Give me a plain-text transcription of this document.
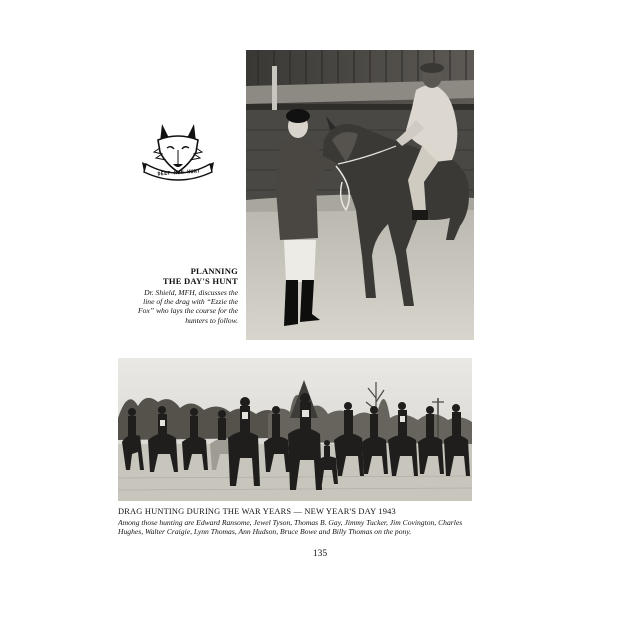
DEEP RUN HUNT
PLANNING
THE DAY'S HUNT
Dr. Shield, MFH, discusses the line of the drag with “Ezzie the Fox” who lays the course for the hunters to follow.
DRAG HUNTING DURING THE WAR YEARS — NEW YEAR'S DAY 1943
Among those hunting are Edward Ransome, Jewel Tyson, Thomas B. Gay, Jimmy Tucker, Jim Covington, Charles Hughes, Walter Craigie, Lynn Thomas, Ann Hudson, Bruce Bowe and Billy Thomas on the pony.
135
